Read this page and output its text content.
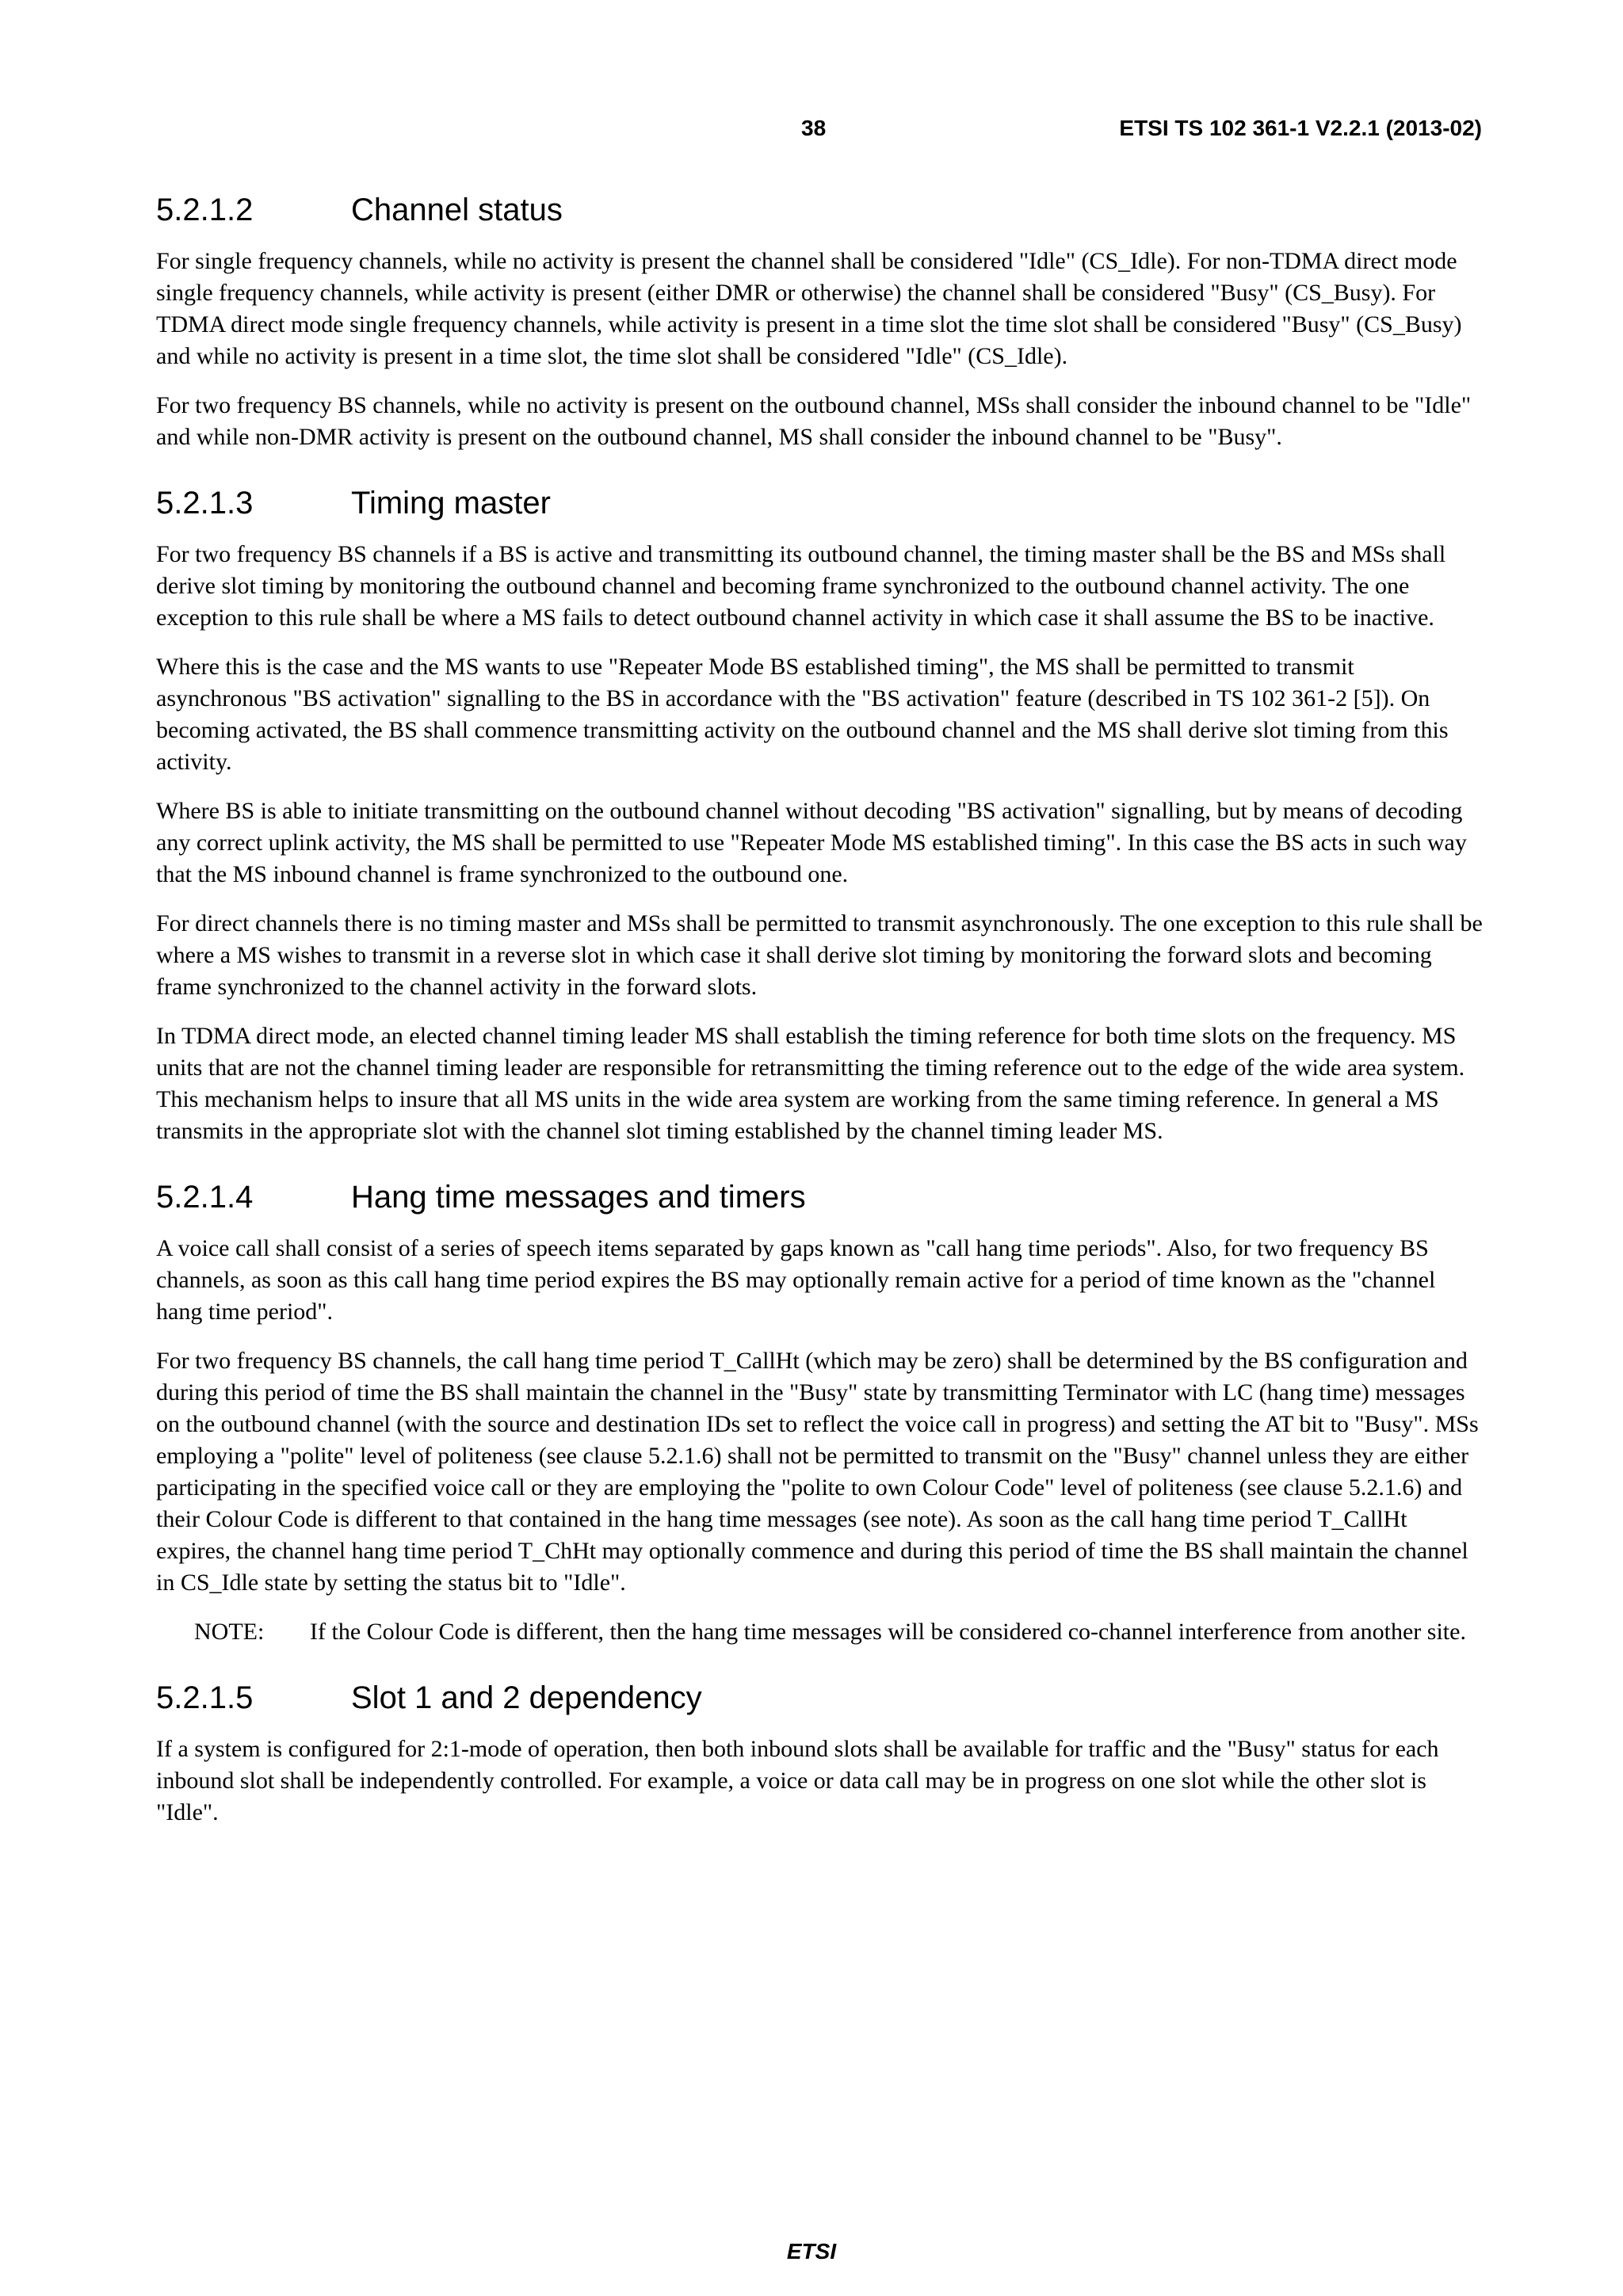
38	ETSI TS 102 361-1 V2.2.1 (2013-02)
5.2.1.2	Channel status

For single frequency channels, while no activity is present the channel shall be considered "Idle" (CS_Idle). For non-TDMA direct mode single frequency channels, while activity is present (either DMR or otherwise) the channel shall be considered "Busy" (CS_Busy). For TDMA direct mode single frequency channels, while activity is present in a time slot the time slot shall be considered "Busy" (CS_Busy) and while no activity is present in a time slot, the time slot shall be considered "Idle" (CS_Idle).

For two frequency BS channels, while no activity is present on the outbound channel, MSs shall consider the inbound channel to be "Idle" and while non-DMR activity is present on the outbound channel, MS shall consider the inbound channel to be "Busy".

5.2.1.3	Timing master

For two frequency BS channels if a BS is active and transmitting its outbound channel, the timing master shall be the BS and MSs shall derive slot timing by monitoring the outbound channel and becoming frame synchronized to the outbound channel activity. The one exception to this rule shall be where a MS fails to detect outbound channel activity in which case it shall assume the BS to be inactive.

Where this is the case and the MS wants to use "Repeater Mode BS established timing", the MS shall be permitted to transmit asynchronous "BS activation" signalling to the BS in accordance with the "BS activation" feature (described in TS 102 361-2 [5]). On becoming activated, the BS shall commence transmitting activity on the outbound channel and the MS shall derive slot timing from this activity.

Where BS is able to initiate transmitting on the outbound channel without decoding "BS activation" signalling, but by means of decoding any correct uplink activity, the MS shall be permitted to use "Repeater Mode MS established timing". In this case the BS acts in such way that the MS inbound channel is frame synchronized to the outbound one.

For direct channels there is no timing master and MSs shall be permitted to transmit asynchronously. The one exception to this rule shall be where a MS wishes to transmit in a reverse slot in which case it shall derive slot timing by monitoring the forward slots and becoming frame synchronized to the channel activity in the forward slots.

In TDMA direct mode, an elected channel timing leader MS shall establish the timing reference for both time slots on the frequency. MS units that are not the channel timing leader are responsible for retransmitting the timing reference out to the edge of the wide area system. This mechanism helps to insure that all MS units in the wide area system are working from the same timing reference. In general a MS transmits in the appropriate slot with the channel slot timing established by the channel timing leader MS.

5.2.1.4	Hang time messages and timers

A voice call shall consist of a series of speech items separated by gaps known as "call hang time periods". Also, for two frequency BS channels, as soon as this call hang time period expires the BS may optionally remain active for a period of time known as the "channel hang time period".

For two frequency BS channels, the call hang time period T_CallHt (which may be zero) shall be determined by the BS configuration and during this period of time the BS shall maintain the channel in the "Busy" state by transmitting Terminator with LC (hang time) messages on the outbound channel (with the source and destination IDs set to reflect the voice call in progress) and setting the AT bit to "Busy". MSs employing a "polite" level of politeness (see clause 5.2.1.6) shall not be permitted to transmit on the "Busy" channel unless they are either participating in the specified voice call or they are employing the "polite to own Colour Code" level of politeness (see clause 5.2.1.6) and their Colour Code is different to that contained in the hang time messages (see note). As soon as the call hang time period T_CallHt expires, the channel hang time period T_ChHt may optionally commence and during this period of time the BS shall maintain the channel in CS_Idle state by setting the status bit to "Idle".

NOTE:	If the Colour Code is different, then the hang time messages will be considered co-channel interference from another site.
5.2.1.5	Slot 1 and 2 dependency

If a system is configured for 2:1-mode of operation, then both inbound slots shall be available for traffic and the "Busy" status for each inbound slot shall be independently controlled. For example, a voice or data call may be in progress on one slot while the other slot is "Idle".

ETSI
